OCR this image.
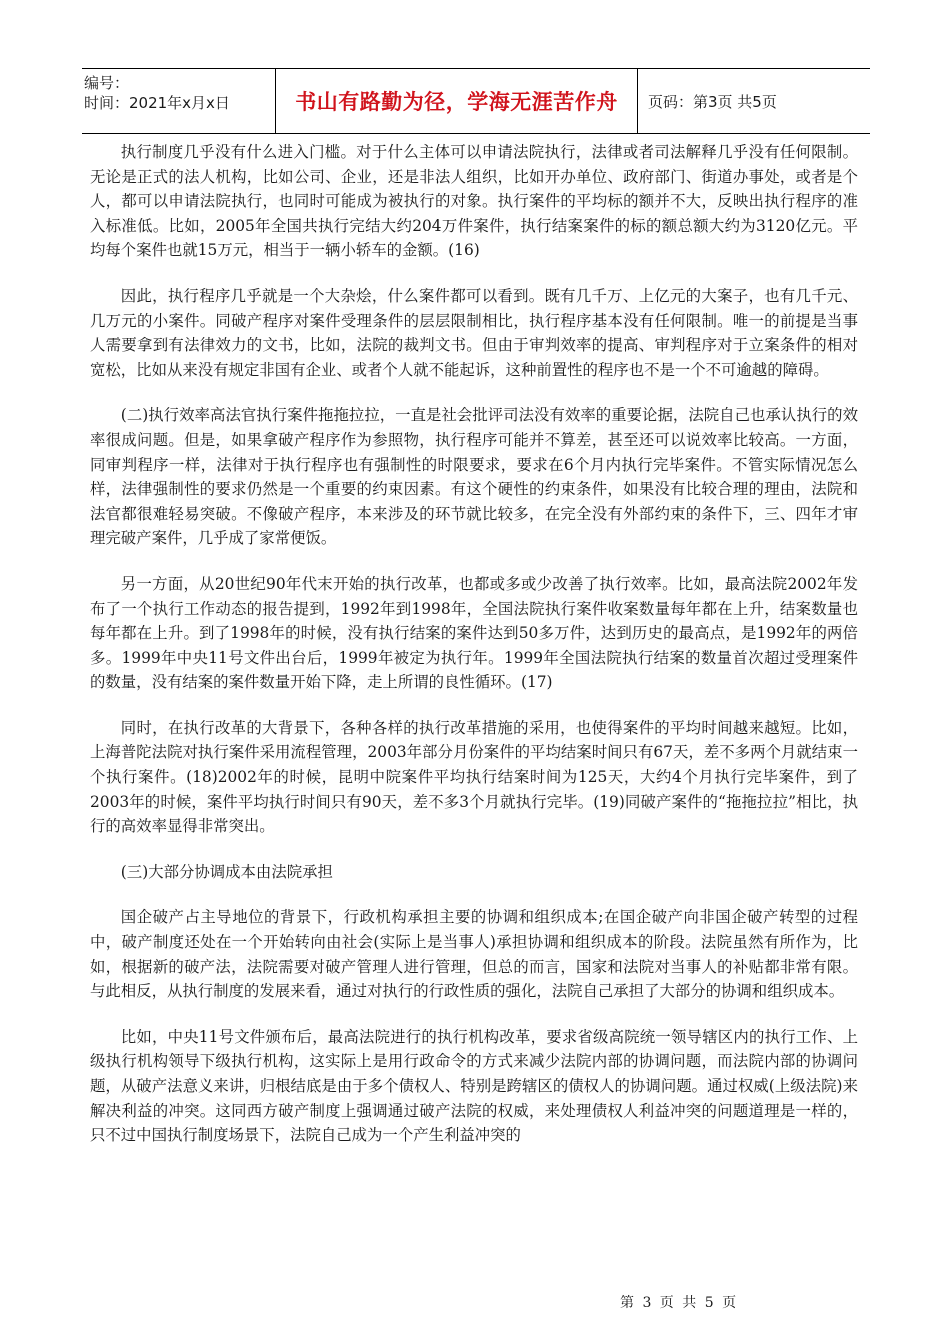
编号：
时间：2021年x月x日	书山有路勤为径，学海无涯苦作舟	页码：第3页 共5页

执行制度几乎没有什么进入门槛。对于什么主体可以申请法院执行，法律或者司法解释几乎没有任何限制。无论是正式的法人机构，比如公司、企业，还是非法人组织，比如开办单位、政府部门、街道办事处，或者是个人，都可以申请法院执行，也同时可能成为被执行的对象。执行案件的平均标的额并不大，反映出执行程序的准入标准低。比如，2005年全国共执行完结大约204万件案件，执行结案案件的标的额总额大约为3120亿元。平均每个案件也就15万元，相当于一辆小轿车的金额。(16)

因此，执行程序几乎就是一个大杂烩，什么案件都可以看到。既有几千万、上亿元的大案子，也有几千元、几万元的小案件。同破产程序对案件受理条件的层层限制相比，执行程序基本没有任何限制。唯一的前提是当事人需要拿到有法律效力的文书，比如，法院的裁判文书。但由于审判效率的提高、审判程序对于立案条件的相对宽松，比如从来没有规定非国有企业、或者个人就不能起诉，这种前置性的程序也不是一个不可逾越的障碍。

(二)执行效率高法官执行案件拖拖拉拉，一直是社会批评司法没有效率的重要论据，法院自己也承认执行的效率很成问题。但是，如果拿破产程序作为参照物，执行程序可能并不算差，甚至还可以说效率比较高。一方面，同审判程序一样，法律对于执行程序也有强制性的时限要求，要求在6个月内执行完毕案件。不管实际情况怎么样，法律强制性的要求仍然是一个重要的约束因素。有这个硬性的约束条件，如果没有比较合理的理由，法院和法官都很难轻易突破。不像破产程序，本来涉及的环节就比较多，在完全没有外部约束的条件下，三、四年才审理完破产案件，几乎成了家常便饭。

另一方面，从20世纪90年代末开始的执行改革，也都或多或少改善了执行效率。比如，最高法院2002年发布了一个执行工作动态的报告提到，1992年到1998年，全国法院执行案件收案数量每年都在上升，结案数量也每年都在上升。到了1998年的时候，没有执行结案的案件达到50多万件，达到历史的最高点，是1992年的两倍多。1999年中央11号文件出台后，1999年被定为执行年。1999年全国法院执行结案的数量首次超过受理案件的数量，没有结案的案件数量开始下降，走上所谓的良性循环。(17)

同时，在执行改革的大背景下，各种各样的执行改革措施的采用，也使得案件的平均时间越来越短。比如，上海普陀法院对执行案件采用流程管理，2003年部分月份案件的平均结案时间只有67天，差不多两个月就结束一个执行案件。(18)2002年的时候，昆明中院案件平均执行结案时间为125天，大约4个月执行完毕案件，到了2003年的时候，案件平均执行时间只有90天，差不多3个月就执行完毕。(19)同破产案件的“拖拖拉拉”相比，执行的高效率显得非常突出。

(三)大部分协调成本由法院承担

国企破产占主导地位的背景下，行政机构承担主要的协调和组织成本;在国企破产向非国企破产转型的过程中，破产制度还处在一个开始转向由社会(实际上是当事人)承担协调和组织成本的阶段。法院虽然有所作为，比如，根据新的破产法，法院需要对破产管理人进行管理，但总的而言，国家和法院对当事人的补贴都非常有限。与此相反，从执行制度的发展来看，通过对执行的行政性质的强化，法院自己承担了大部分的协调和组织成本。

比如，中央11号文件颁布后，最高法院进行的执行机构改革，要求省级高院统一领导辖区内的执行工作、上级执行机构领导下级执行机构，这实际上是用行政命令的方式来减少法院内部的协调问题，而法院内部的协调问题，从破产法意义来讲，归根结底是由于多个债权人、特别是跨辖区的债权人的协调问题。通过权威(上级法院)来解决利益的冲突。这同西方破产制度上强调通过破产法院的权威，来处理债权人利益冲突的问题道理是一样的，只不过中国执行制度场景下，法院自己成为一个产生利益冲突的

第 3 页 共 5 页
